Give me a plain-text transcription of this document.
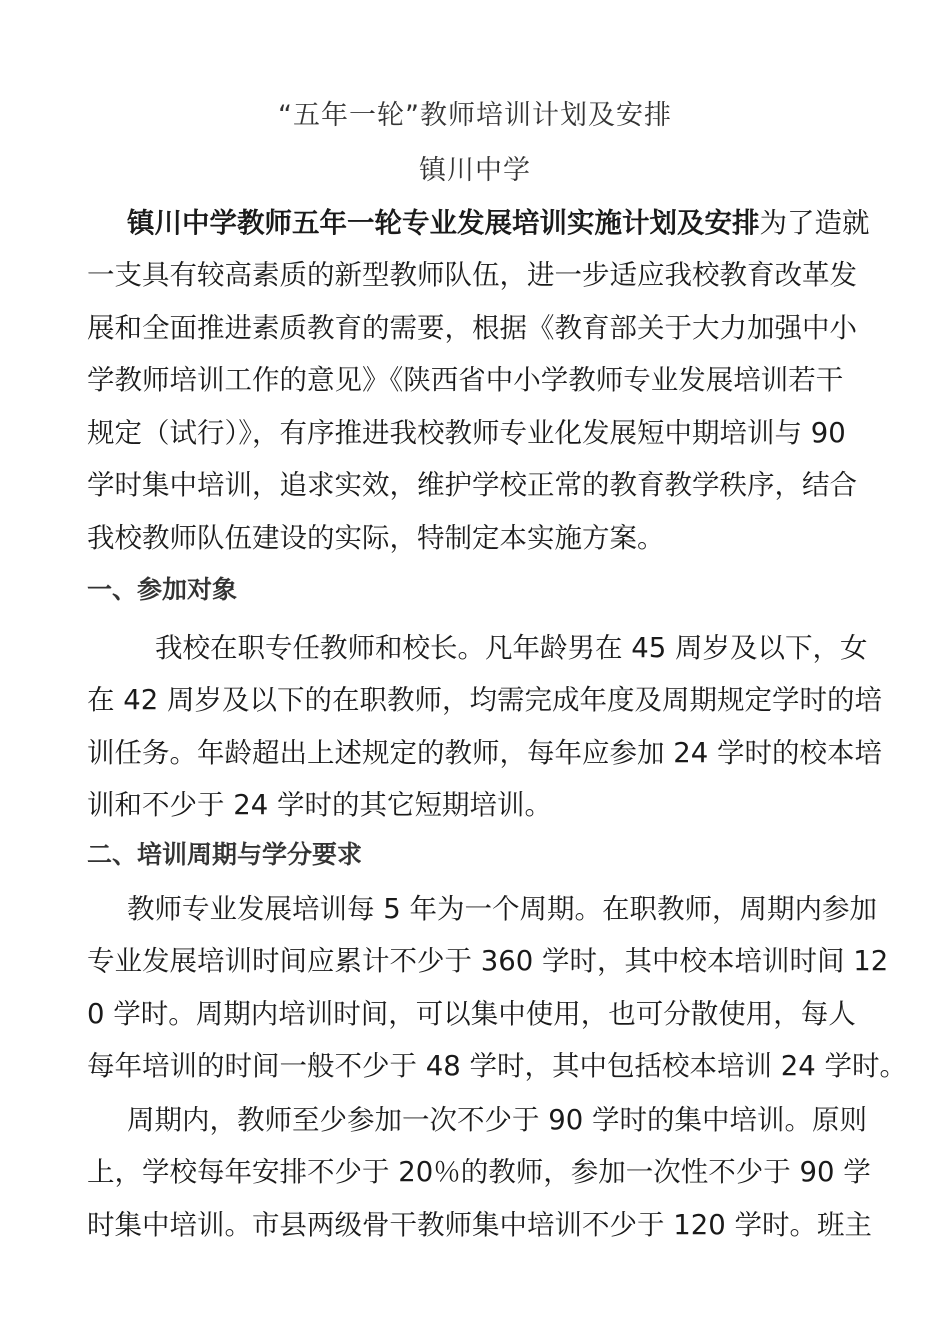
“五年一轮”教师培训计划及安排
镇川中学
镇川中学教师五年一轮专业发展培训实施计划及安排为了造就
一支具有较高素质的新型教师队伍，进一步适应我校教育改革发
展和全面推进素质教育的需要，根据《教育部关于大力加强中小
学教师培训工作的意见》《陕西省中小学教师专业发展培训若干
规定（试行）》，有序推进我校教师专业化发展短中期培训与 90
学时集中培训，追求实效，维护学校正常的教育教学秩序，结合
我校教师队伍建设的实际，特制定本实施方案。
一、参加对象
我校在职专任教师和校长。凡年龄男在 45 周岁及以下，女
在 42 周岁及以下的在职教师，均需完成年度及周期规定学时的培
训任务。年龄超出上述规定的教师，每年应参加 24 学时的校本培
训和不少于 24 学时的其它短期培训。
二、培训周期与学分要求
教师专业发展培训每 5 年为一个周期。在职教师，周期内参加
专业发展培训时间应累计不少于 360 学时，其中校本培训时间 12
0 学时。周期内培训时间，可以集中使用，也可分散使用，每人
每年培训的时间一般不少于 48 学时，其中包括校本培训 24 学时。
周期内，教师至少参加一次不少于 90 学时的集中培训。原则
上，学校每年安排不少于 20％的教师，参加一次性不少于 90 学
时集中培训。市县两级骨干教师集中培训不少于 120 学时。班主
